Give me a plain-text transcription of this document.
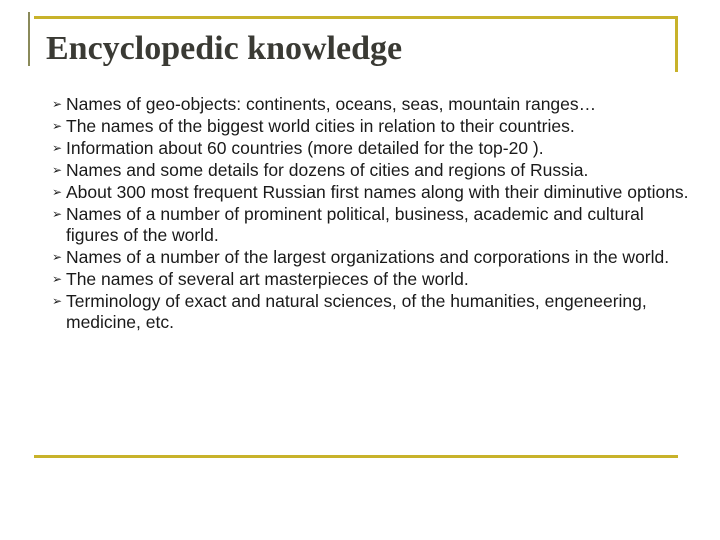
Encyclopedic knowledge
➢ Names of geo-objects: continents, oceans, seas, mountain ranges…
➢ The names of the biggest world cities in relation to their countries.
➢ Information about 60 countries (more detailed for the top-20 ).
➢ Names and some details for dozens of cities and regions of Russia.
➢ About 300 most frequent Russian first names along with their diminutive options.
➢ Names of a number of prominent political, business, academic and cultural figures of the world.
➢ Names of a number of the largest organizations and corporations in the world.
➢ The names of several art masterpieces of the world.
➢ Terminology of exact and natural sciences, of the humanities, engeneering, medicine, etc.
